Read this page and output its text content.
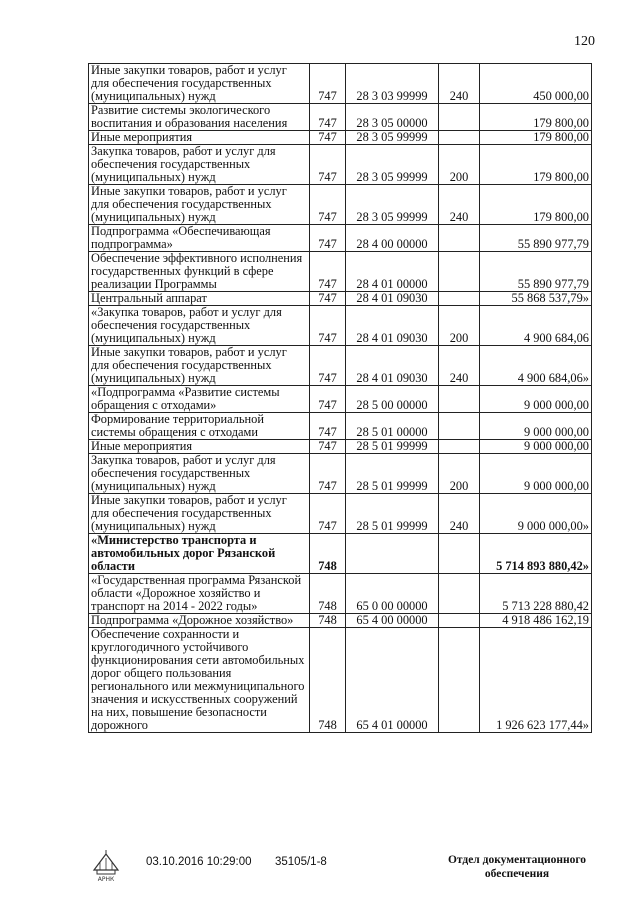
120
Иные закупки товаров, работ и услуг для обеспечения государственных (муниципальных) нужд	747	28 3 03 99999	240	450 000,00
Развитие системы экологического воспитания и образования населения	747	28 3 05 00000		179 800,00
Иные мероприятия	747	28 3 05 99999		179 800,00
Закупка товаров, работ и услуг для обеспечения государственных (муниципальных) нужд	747	28 3 05 99999	200	179 800,00
Иные закупки товаров, работ и услуг для обеспечения государственных (муниципальных) нужд	747	28 3 05 99999	240	179 800,00
Подпрограмма «Обеспечивающая подпрограмма»	747	28 4 00 00000		55 890 977,79
Обеспечение эффективного исполнения государственных функций в сфере реализации Программы	747	28 4 01 00000		55 890 977,79
Центральный аппарат	747	28 4 01 09030		55 868 537,79»
«Закупка товаров, работ и услуг для обеспечения государственных (муниципальных) нужд	747	28 4 01 09030	200	4 900 684,06
Иные закупки товаров, работ и услуг для обеспечения государственных (муниципальных) нужд	747	28 4 01 09030	240	4 900 684,06»
«Подпрограмма «Развитие системы обращения с отходами»	747	28 5 00 00000		9 000 000,00
Формирование территориальной системы обращения с отходами	747	28 5 01 00000		9 000 000,00
Иные мероприятия	747	28 5 01 99999		9 000 000,00
Закупка товаров, работ и услуг для обеспечения государственных (муниципальных) нужд	747	28 5 01 99999	200	9 000 000,00
Иные закупки товаров, работ и услуг для обеспечения государственных (муниципальных) нужд	747	28 5 01 99999	240	9 000 000,00»
«Министерство транспорта и автомобильных дорог Рязанской области	748			5 714 893 880,42»
«Государственная программа Рязанской области «Дорожное хозяйство и транспорт на 2014 - 2022 годы»	748	65 0 00 00000		5 713 228 880,42
Подпрограмма «Дорожное хозяйство»	748	65 4 00 00000		4 918 486 162,19
Обеспечение сохранности и круглогодичного устойчивого функционирования сети автомобильных дорог общего пользования регионального или межмуниципального значения и искусственных сооружений на них, повышение безопасности дорожного	748	65 4 01 00000		1 926 623 177,44»
АРНК
03.10.2016 10:29:00 35105/1-8	Отдел документационного
обеспечения
